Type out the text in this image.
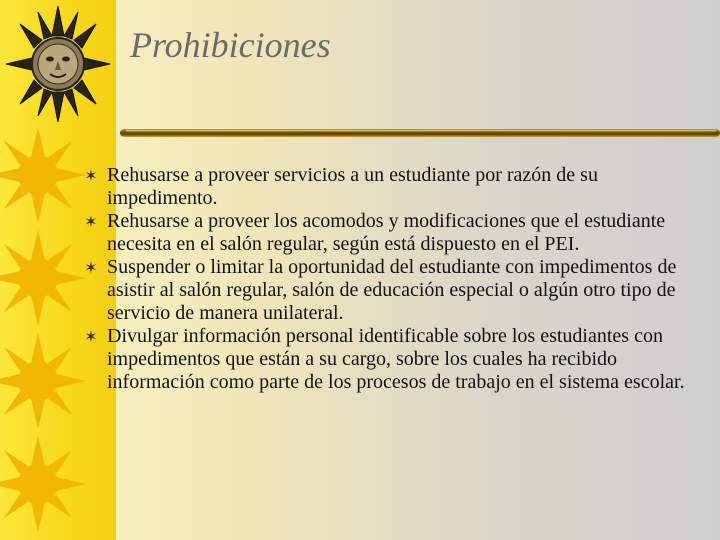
Prohibiciones
✶ Rehusarse a proveer servicios a un estudiante por razón de su impedimento.
✶ Rehusarse a proveer los acomodos y modificaciones que el estudiante necesita en el salón regular, según está dispuesto en el PEI.
✶ Suspender o limitar la oportunidad del estudiante con impedimentos de asistir al salón regular, salón de educación especial o algún otro tipo de servicio de manera unilateral.
✶ Divulgar información personal identificable sobre los estudiantes con impedimentos que están a su cargo, sobre los cuales ha recibido información como parte de los procesos de trabajo en el sistema escolar.
